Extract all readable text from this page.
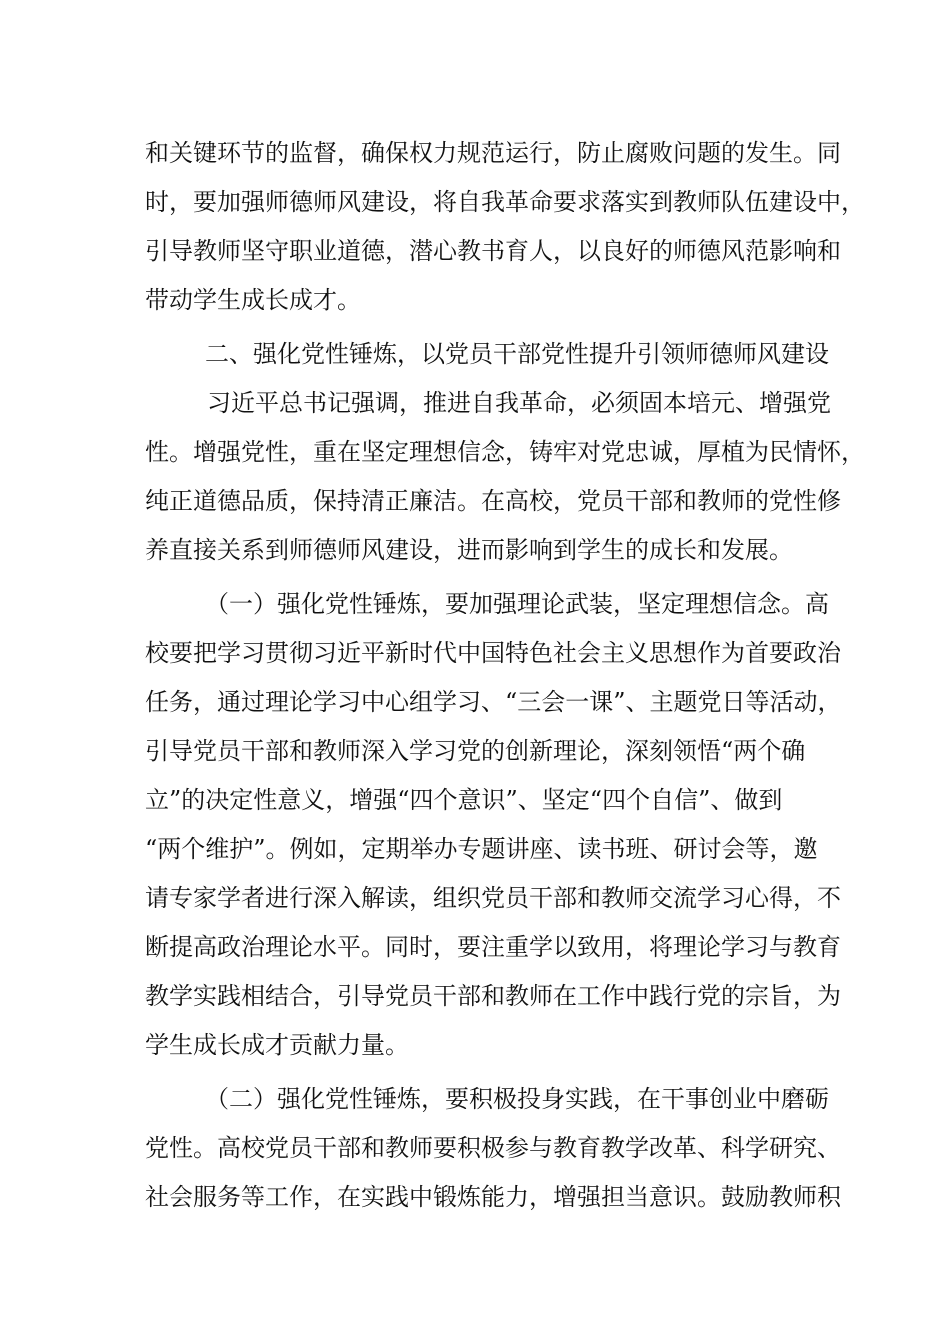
和关键环节的监督，确保权力规范运行，防止腐败问题的发生。同

时，要加强师德师风建设，将自我革命要求落实到教师队伍建设中，

引导教师坚守职业道德，潜心教书育人，以良好的师德风范影响和

带动学生成长成才。

二、强化党性锤炼，以党员干部党性提升引领师德师风建设

习近平总书记强调，推进自我革命，必须固本培元、增强党

性。增强党性，重在坚定理想信念，铸牢对党忠诚，厚植为民情怀，

纯正道德品质，保持清正廉洁。在高校，党员干部和教师的党性修

养直接关系到师德师风建设，进而影响到学生的成长和发展。

（一）强化党性锤炼，要加强理论武装，坚定理想信念。高

校要把学习贯彻习近平新时代中国特色社会主义思想作为首要政治

任务，通过理论学习中心组学习、“三会一课”、主题党日等活动，

引导党员干部和教师深入学习党的创新理论，深刻领悟“两个确

立”的决定性意义，增强“四个意识”、坚定“四个自信”、做到

“两个维护”。例如，定期举办专题讲座、读书班、研讨会等，邀

请专家学者进行深入解读，组织党员干部和教师交流学习心得，不

断提高政治理论水平。同时，要注重学以致用，将理论学习与教育

教学实践相结合，引导党员干部和教师在工作中践行党的宗旨，为

学生成长成才贡献力量。

（二）强化党性锤炼，要积极投身实践，在干事创业中磨砺

党性。高校党员干部和教师要积极参与教育教学改革、科学研究、

社会服务等工作，在实践中锻炼能力，增强担当意识。鼓励教师积
